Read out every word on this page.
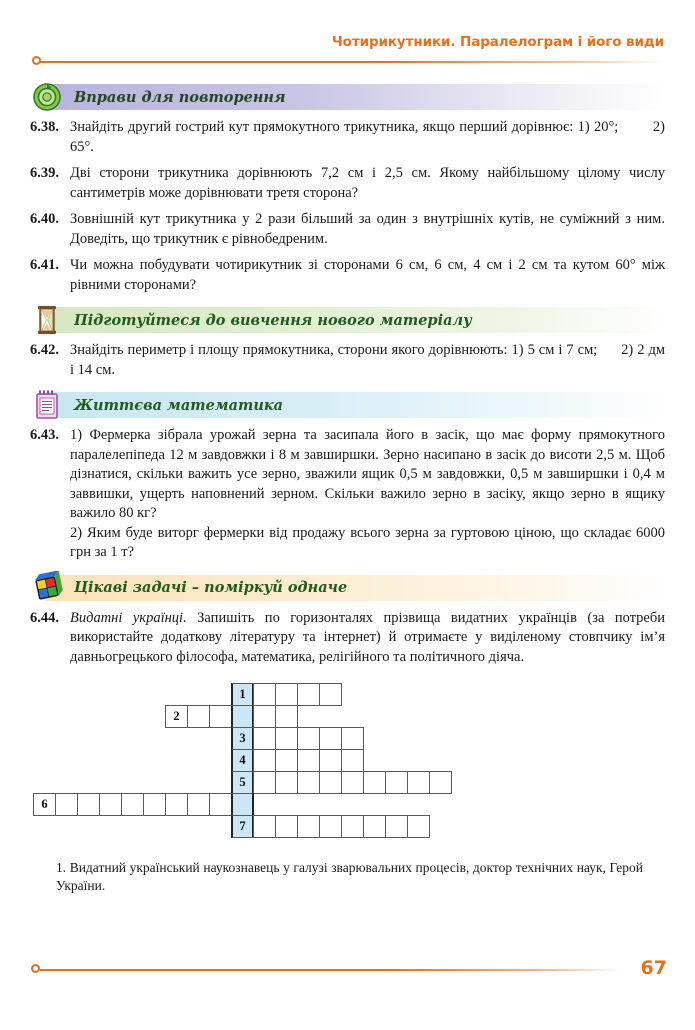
Чотирикутники. Паралелограм і його види
Вправи для повторення
6.38. Знайдіть другий гострий кут прямокутного трикутника, якщо перший дорівнює: 1) 20°;        2) 65°.

6.39. Дві сторони трикутника дорівнюють 7,2 см і 2,5 см. Якому найбільшому цілому числу сантиметрів може дорівнювати третя сторона?

6.40. Зовнішній кут трикутника у 2 рази більший за один з внутрішніх кутів, не суміжний з ним. Доведіть, що трикутник є рівнобедреним.

6.41. Чи можна побудувати чотирикутник зі сторонами 6 см, 6 см, 4 см і 2 см та кутом 60° між рівними сторонами?

Підготуйтеся до вивчення нового матеріалу
6.42. Знайдіть периметр і площу прямокутника, сторони якого дорівнюють: 1) 5 см і 7 см;      2) 2 дм і 14 см.

Життєва математика
6.43. 1) Фермерка зібрала урожай зерна та засипала його в засік, що має форму прямокутного паралелепіпеда 12 м завдовжки і 8 м завширшки. Зерно насипано в засік до висоти 2,5 м. Щоб дізнатися, скільки важить усе зерно, зважили ящик 0,5 м завдовжки, 0,5 м завширшки і 0,4 м заввишки, ущерть наповнений зерном. Скільки важило зерно в засіку, якщо зерно в ящику важило 80 кг?

2) Яким буде виторг фермерки від продажу всього зерна за гуртовою ціною, що складає 6000 грн за 1 т?

Цікаві задачі – поміркуй одначе
6.44. Видатні українці. Запишіть по горизонталях прізвища видатних українців (за потреби використайте додаткову літературу та інтернет) й отримаєте у виділеному стовпчику ім’я давньогрецького філософа, математика, релігійного та політичного діяча.

1
2
3
4
5
6
7
1. Видатний український наукознавець у галузі зварювальних процесів, доктор технічних наук, Герой України.
67
